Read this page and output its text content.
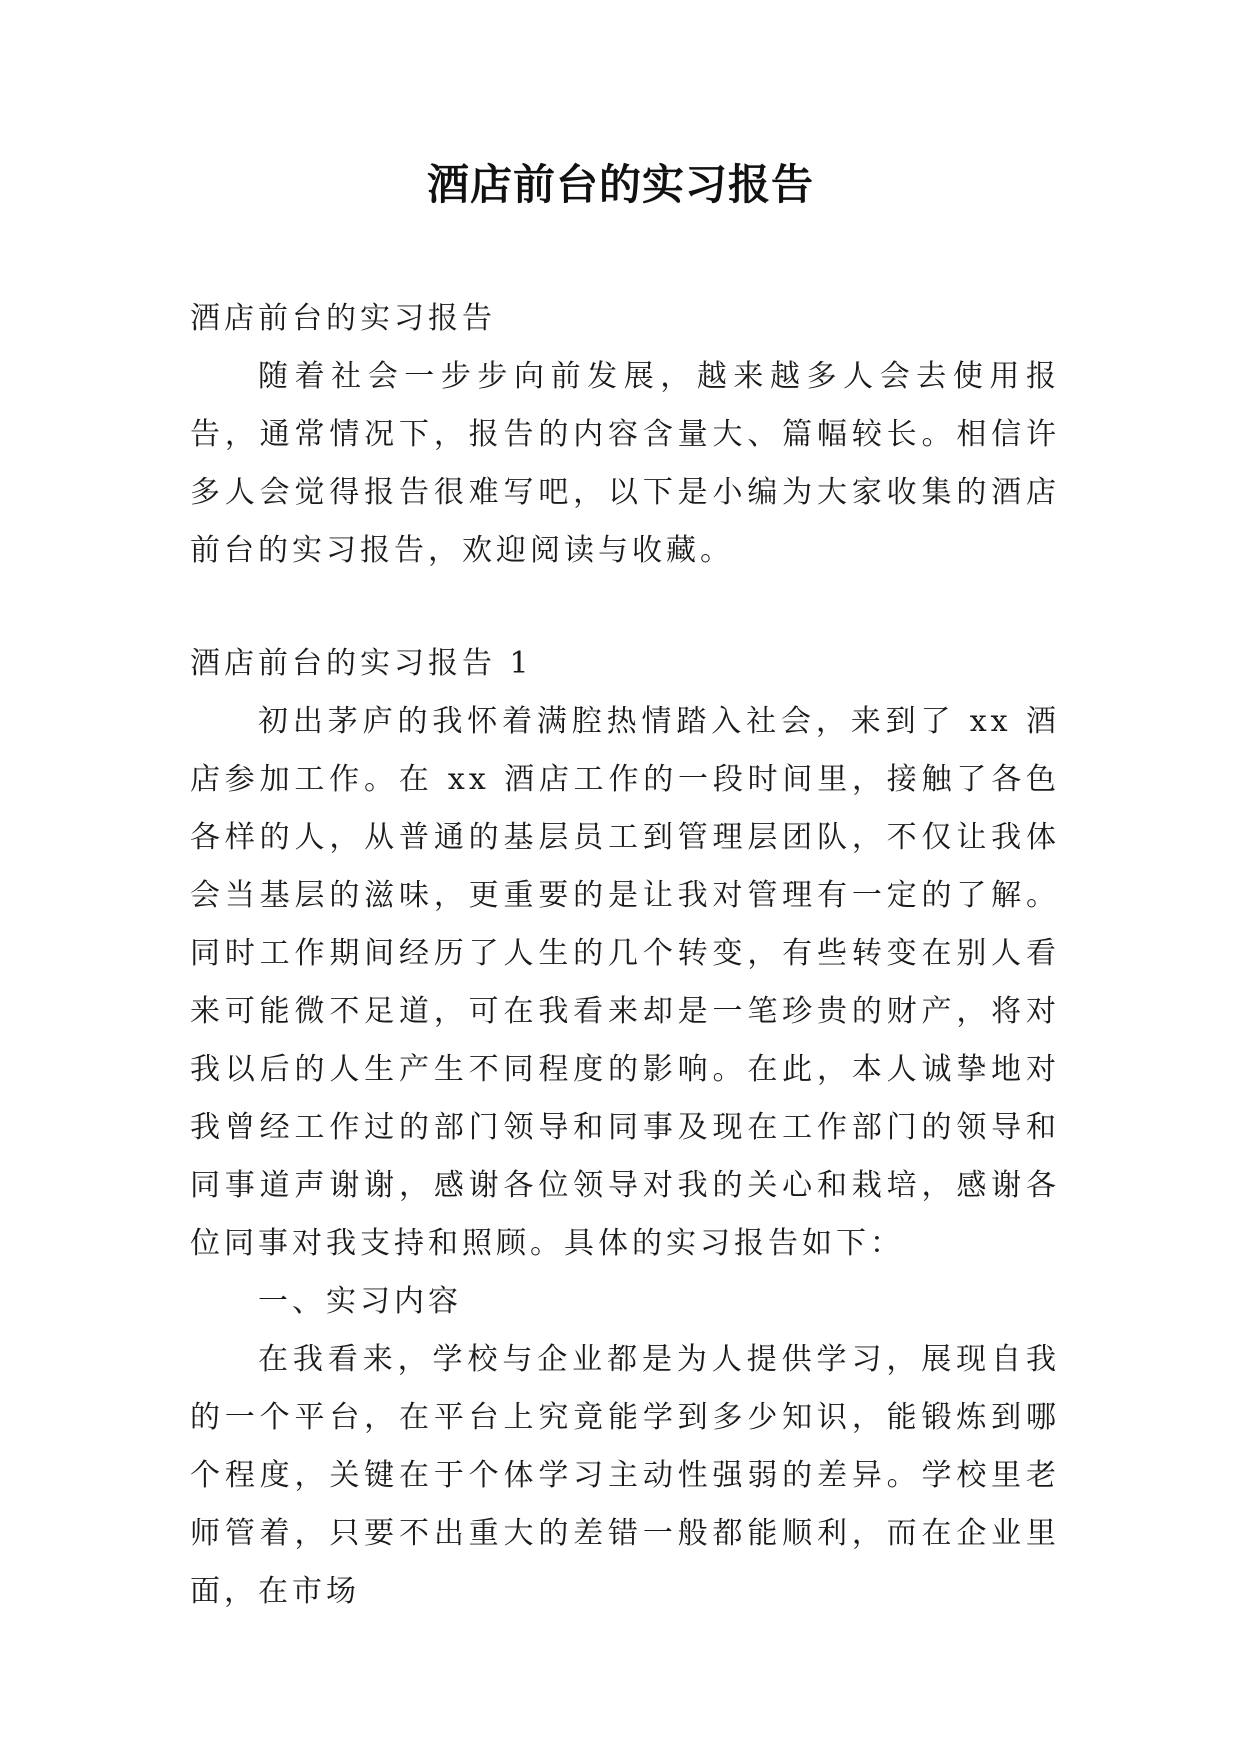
酒店前台的实习报告

酒店前台的实习报告

随着社会一步步向前发展，越来越多人会去使用报告，通常情况下，报告的内容含量大、篇幅较长。相信许多人会觉得报告很难写吧，以下是小编为大家收集的酒店前台的实习报告，欢迎阅读与收藏。

酒店前台的实习报告 1

初出茅庐的我怀着满腔热情踏入社会，来到了 xx 酒店参加工作。在 xx 酒店工作的一段时间里，接触了各色各样的人，从普通的基层员工到管理层团队，不仅让我体会当基层的滋味，更重要的是让我对管理有一定的了解。同时工作期间经历了人生的几个转变，有些转变在别人看来可能微不足道，可在我看来却是一笔珍贵的财产，将对我以后的人生产生不同程度的影响。在此，本人诚挚地对我曾经工作过的部门领导和同事及现在工作部门的领导和同事道声谢谢，感谢各位领导对我的关心和栽培，感谢各位同事对我支持和照顾。具体的实习报告如下：

一、实习内容

在我看来，学校与企业都是为人提供学习，展现自我的一个平台，在平台上究竟能学到多少知识，能锻炼到哪个程度，关键在于个体学习主动性强弱的差异。学校里老师管着，只要不出重大的差错一般都能顺利，而在企业里面，在市场
